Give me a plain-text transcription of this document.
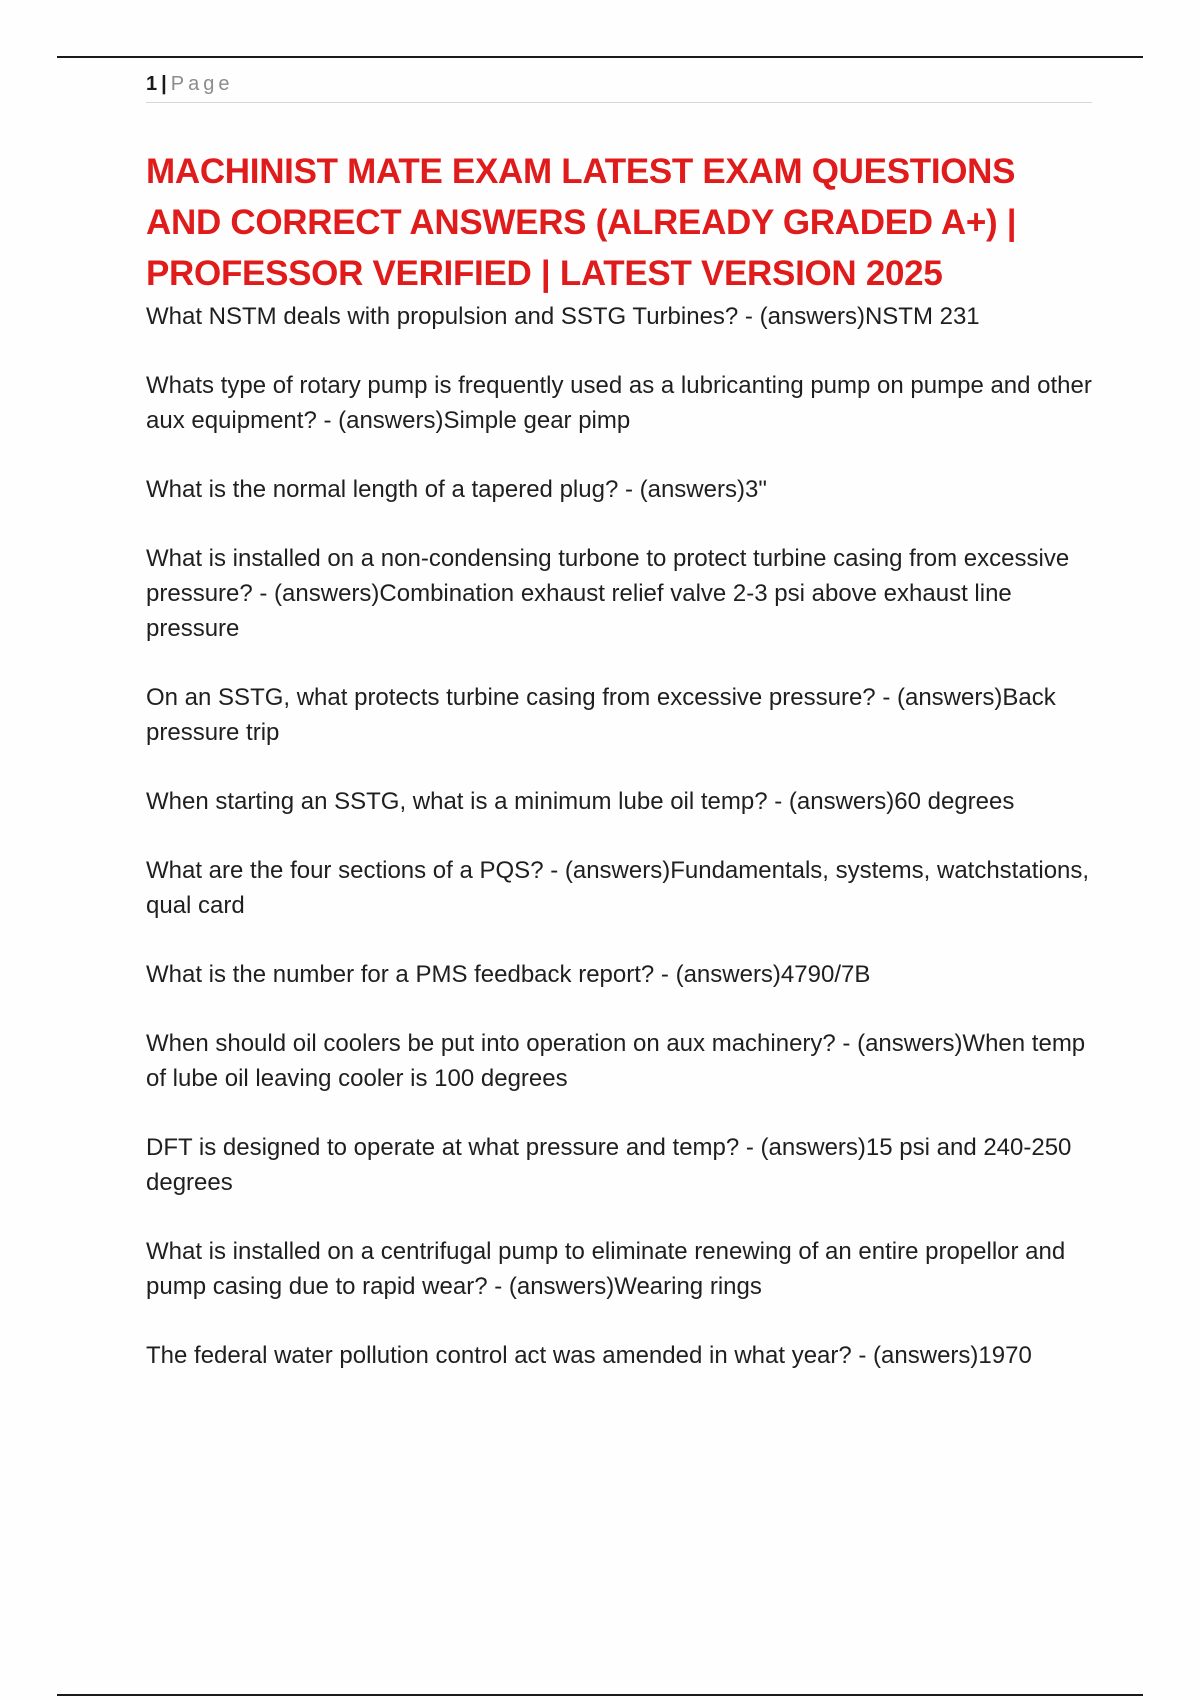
1 | Page
MACHINIST MATE EXAM LATEST EXAM QUESTIONS AND CORRECT ANSWERS (ALREADY GRADED A+) | PROFESSOR VERIFIED | LATEST VERSION 2025
What NSTM deals with propulsion and SSTG Turbines? - (answers)NSTM 231
Whats type of rotary pump is frequently used as a lubricanting pump on pumpe and other aux equipment? - (answers)Simple gear pimp
What is the normal length of a tapered plug? - (answers)3"
What is installed on a non-condensing turbone to protect turbine casing from excessive pressure? - (answers)Combination exhaust relief valve 2-3 psi above exhaust line pressure
On an SSTG, what protects turbine casing from excessive pressure? - (answers)Back pressure trip
When starting an SSTG, what is a minimum lube oil temp? - (answers)60 degrees
What are the four sections of a PQS? - (answers)Fundamentals, systems, watchstations, qual card
What is the number for a PMS feedback report? - (answers)4790/7B
When should oil coolers be put into operation on aux machinery? - (answers)When temp of lube oil leaving cooler is 100 degrees
DFT is designed to operate at what pressure and temp? - (answers)15 psi and 240-250 degrees
What is installed on a centrifugal pump to eliminate renewing of an entire propellor and pump casing due to rapid wear? - (answers)Wearing rings
The federal water pollution control act was amended in what year? - (answers)1970
